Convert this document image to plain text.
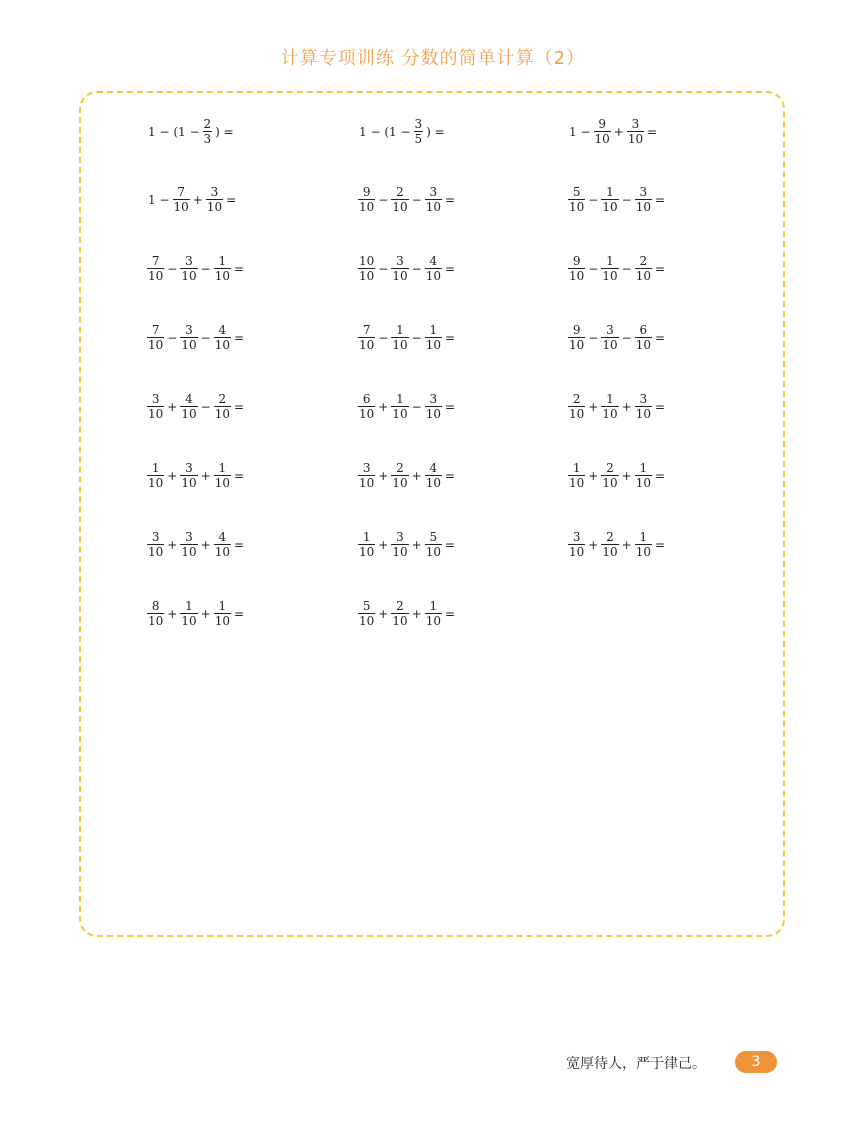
计算专项训练 分数的简单计算（2）
$1 - (1 - \frac{2}{3}$ ) =	$1 - (1 - \frac{3}{5}$ ) =	$1 - \frac{9}{10} + \frac{3}{10}$ =
$1 - \frac{7}{10} + \frac{3}{10}$ =	$\frac{9}{10} - \frac{2}{10} - \frac{3}{10}$ =	$\frac{5}{10} - \frac{1}{10} - \frac{3}{10}$ =
$\frac{7}{10} - \frac{3}{10} - \frac{1}{10}$ =	$\frac{10}{10} - \frac{3}{10} - \frac{4}{10}$ =	$\frac{9}{10} - \frac{1}{10} - \frac{2}{10}$ =
$\frac{7}{10} - \frac{3}{10} - \frac{4}{10}$ =	$\frac{7}{10} - \frac{1}{10} - \frac{1}{10}$ =	$\frac{9}{10} - \frac{3}{10} - \frac{6}{10}$ =
$\frac{3}{10} + \frac{4}{10} - \frac{2}{10}$ =	$\frac{6}{10} + \frac{1}{10} - \frac{3}{10}$ =	$\frac{2}{10} + \frac{1}{10} + \frac{3}{10}$ =
$\frac{1}{10} + \frac{3}{10} + \frac{1}{10}$ =	$\frac{3}{10} + \frac{2}{10} + \frac{4}{10}$ =	$\frac{1}{10} + \frac{2}{10} + \frac{1}{10}$ =
$\frac{3}{10} + \frac{3}{10} + \frac{4}{10}$ =	$\frac{1}{10} + \frac{3}{10} + \frac{5}{10}$ =	$\frac{3}{10} + \frac{2}{10} + \frac{1}{10}$ =
$\frac{8}{10} + \frac{1}{10} + \frac{1}{10}$ =	$\frac{5}{10} + \frac{2}{10} + \frac{1}{10}$ =
宽厚待人，严于律己。	3
